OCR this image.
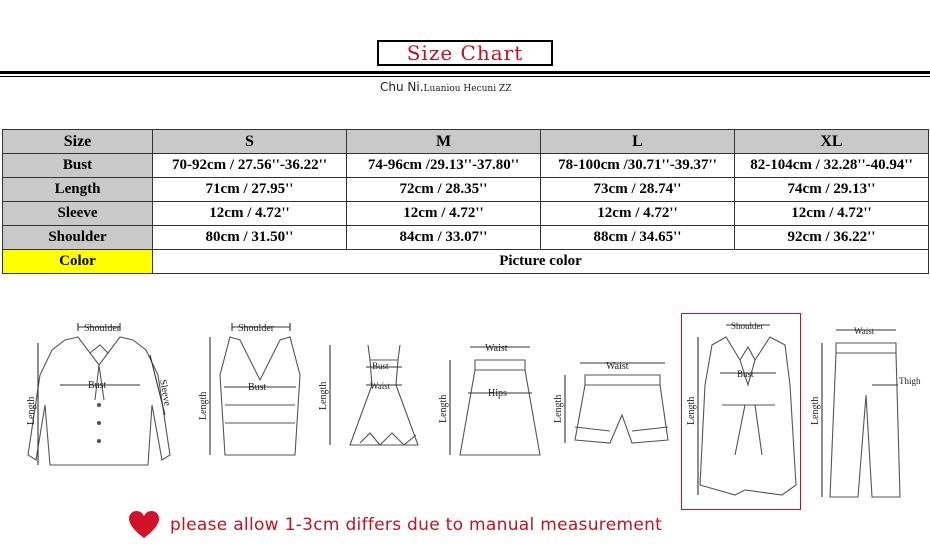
Size Chart
Chu Ni.Luaniou Hecuni ZZ
Size	S	M	L	XL
Bust	70-92cm / 27.56''-36.22''	74-96cm /29.13''-37.80''	78-100cm /30.71''-39.37''	82-104cm / 32.28''-40.94''
Length	71cm / 27.95''	72cm / 28.35''	73cm / 28.74''	74cm / 29.13''
Sleeve	12cm / 4.72''	12cm / 4.72''	12cm / 4.72''	12cm / 4.72''
Shoulder	80cm / 31.50''	84cm / 33.07''	88cm / 34.65''	92cm / 36.22''
Color	Picture color			
Shoulder
Bust
Length
Sleeve
Shoulder
Bust
Length
Bust
Waist
Length
Waist
Hips
Length
Waist
Length
Shoulder
Bust
Length
Waist
Thigh
Length
please allow 1-3cm differs due to manual measurement
